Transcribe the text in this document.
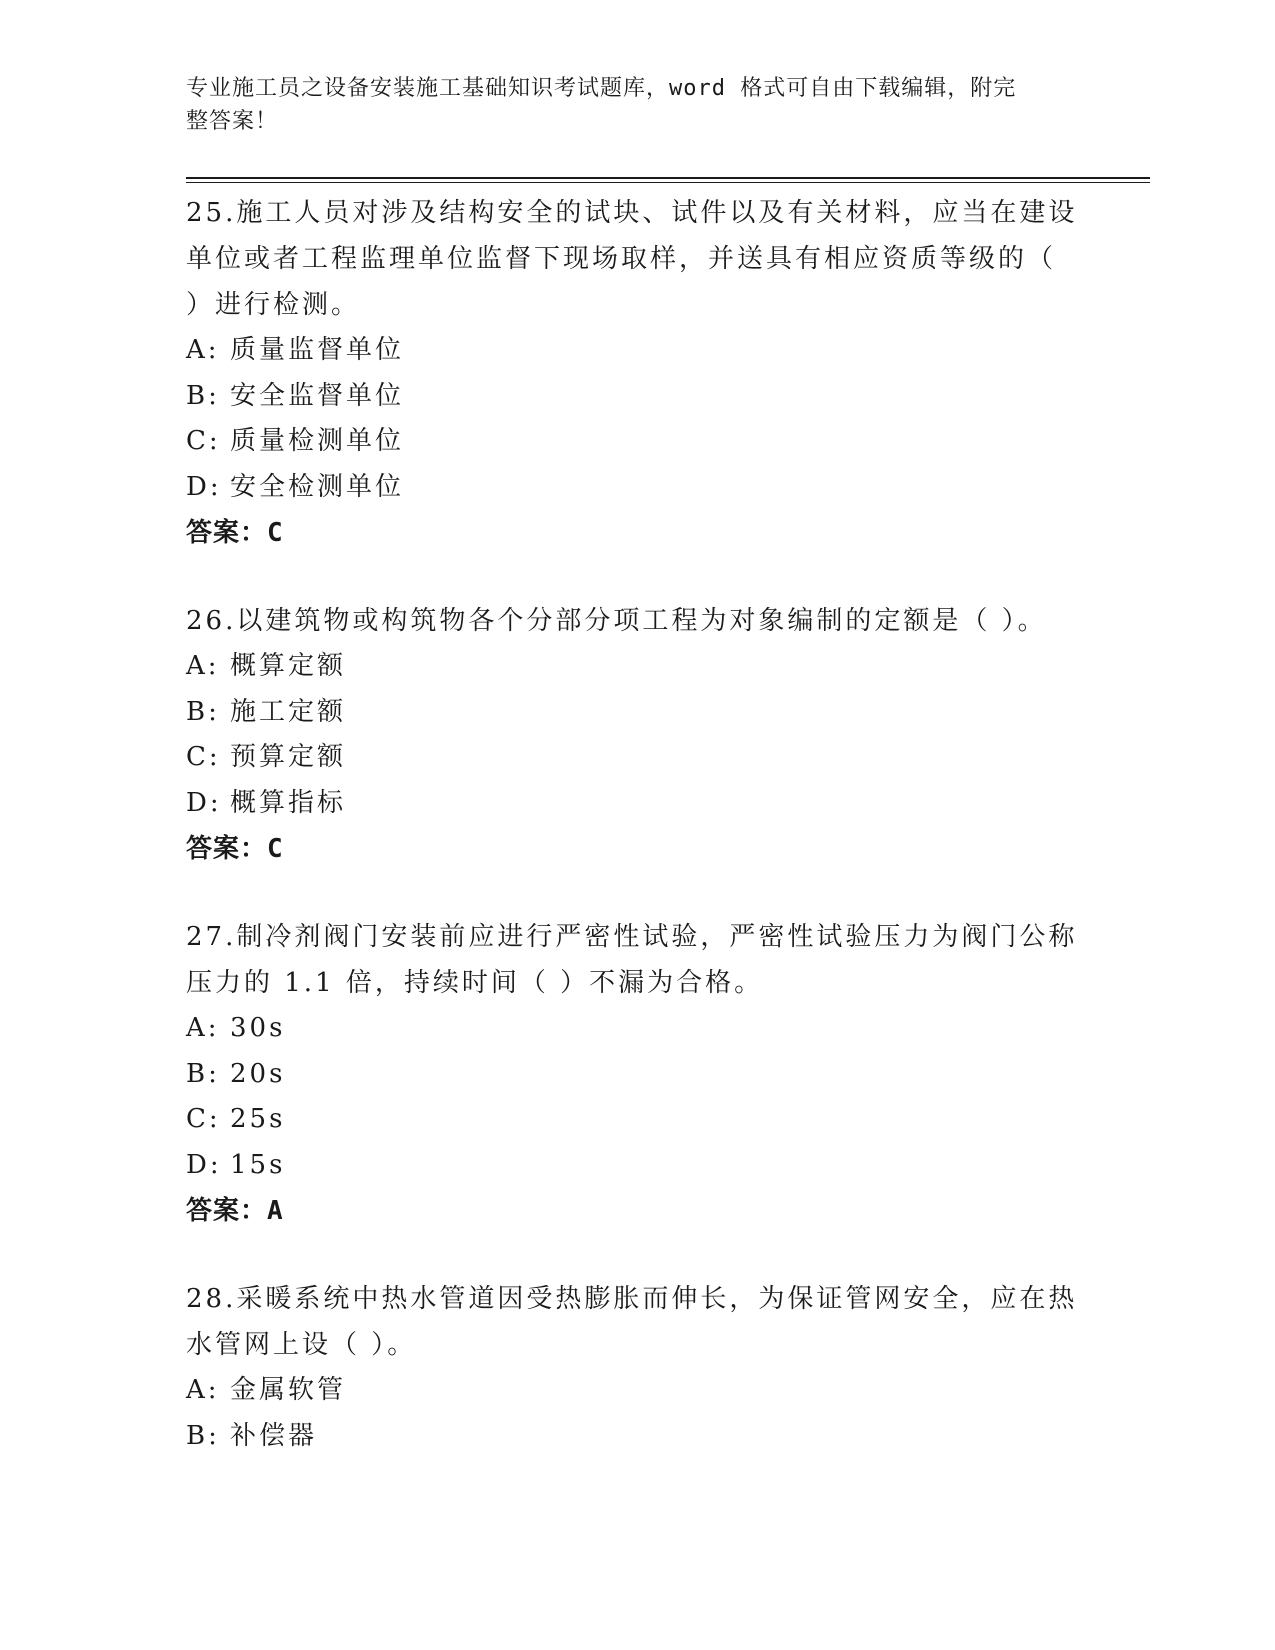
专业施工员之设备安装施工基础知识考试题库，word 格式可自由下载编辑，附完
整答案！

25.施工人员对涉及结构安全的试块、试件以及有关材料，应当在建设

单位或者工程监理单位监督下现场取样，并送具有相应资质等级的（

）进行检测。

A: 质量监督单位

B: 安全监督单位

C: 质量检测单位

D: 安全检测单位

答案：C

26.以建筑物或构筑物各个分部分项工程为对象编制的定额是（ ）。

A: 概算定额

B: 施工定额

C: 预算定额

D: 概算指标

答案：C

27.制冷剂阀门安装前应进行严密性试验，严密性试验压力为阀门公称

压力的 1.1 倍，持续时间（ ）不漏为合格。

A: 30s

B: 20s

C: 25s

D: 15s

答案：A

28.采暖系统中热水管道因受热膨胀而伸长，为保证管网安全，应在热

水管网上设（ ）。

A: 金属软管

B: 补偿器
